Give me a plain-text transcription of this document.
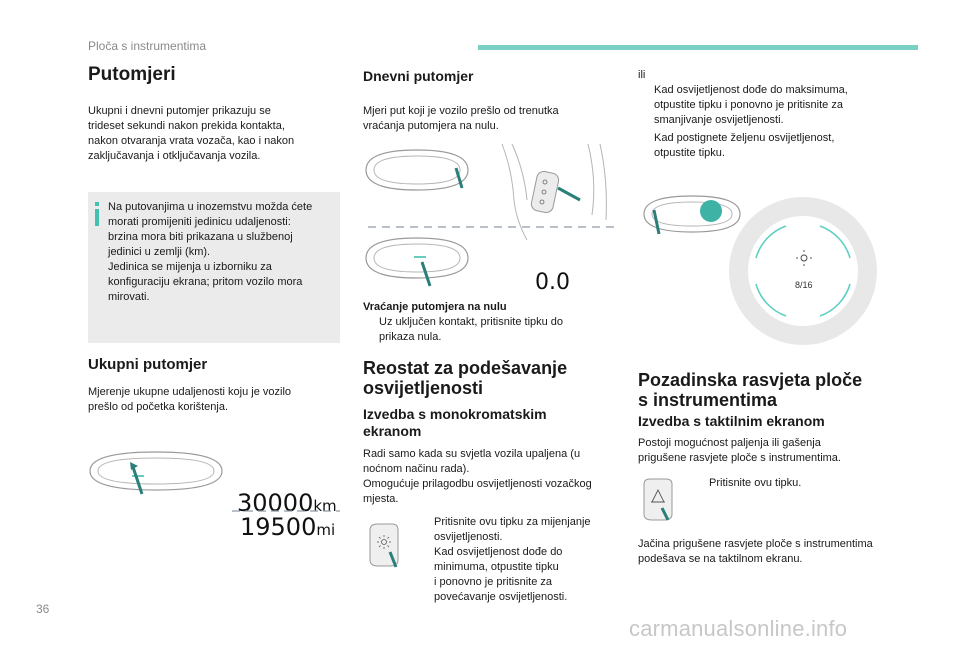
Ploča s instrumentima
Putomjeri
Ukupni i dnevni putomjer prikazuju se
trideset sekundi nakon prekida kontakta,
nakon otvaranja vrata vozača, kao i nakon
zaključavanja i otključavanja vozila.
Na putovanjima u inozemstvu možda ćete
morati promijeniti jedinicu udaljenosti:
brzina mora biti prikazana u službenoj
jedinici u zemlji (km).
Jedinica se mijenja u izborniku za
konfiguraciju ekrana; pritom vozilo mora
mirovati.
Ukupni putomjer
Mjerenje ukupne udaljenosti koju je vozilo
prešlo od početka korištenja.
30000km
19500mi
Dnevni putomjer
Mjeri put koji je vozilo prešlo od trenutka
vraćanja putomjera na nulu.
0.0
Vraćanje putomjera na nulu
Uz uključen kontakt, pritisnite tipku do
prikaza nula.
Reostat za podešavanje
osvijetljenosti
Izvedba s monokromatskim
ekranom
Radi samo kada su svjetla vozila upaljena (u
noćnom načinu rada).
Omogućuje prilagodbu osvijetljenosti vozačkog
mjesta.
Pritisnite ovu tipku za mijenjanje
osvijetljenosti.
Kad osvijetljenost dođe do
minimuma, otpustite tipku
i ponovno je pritisnite za
povećavanje osvijetljenosti.
ili
Kad osvijetljenost dođe do maksimuma,
otpustite tipku i ponovno je pritisnite za
smanjivanje osvijetljenosti.
Kad postignete željenu osvijetljenost,
otpustite tipku.
8/16
Pozadinska rasvjeta ploče
s instrumentima
Izvedba s taktilnim ekranom
Postoji mogućnost paljenja ili gašenja
prigušene rasvjete ploče s instrumentima.
Pritisnite ovu tipku.
Jačina prigušene rasvjete ploče s instrumentima
podešava se na taktilnom ekranu.
36
carmanualsonline.info
